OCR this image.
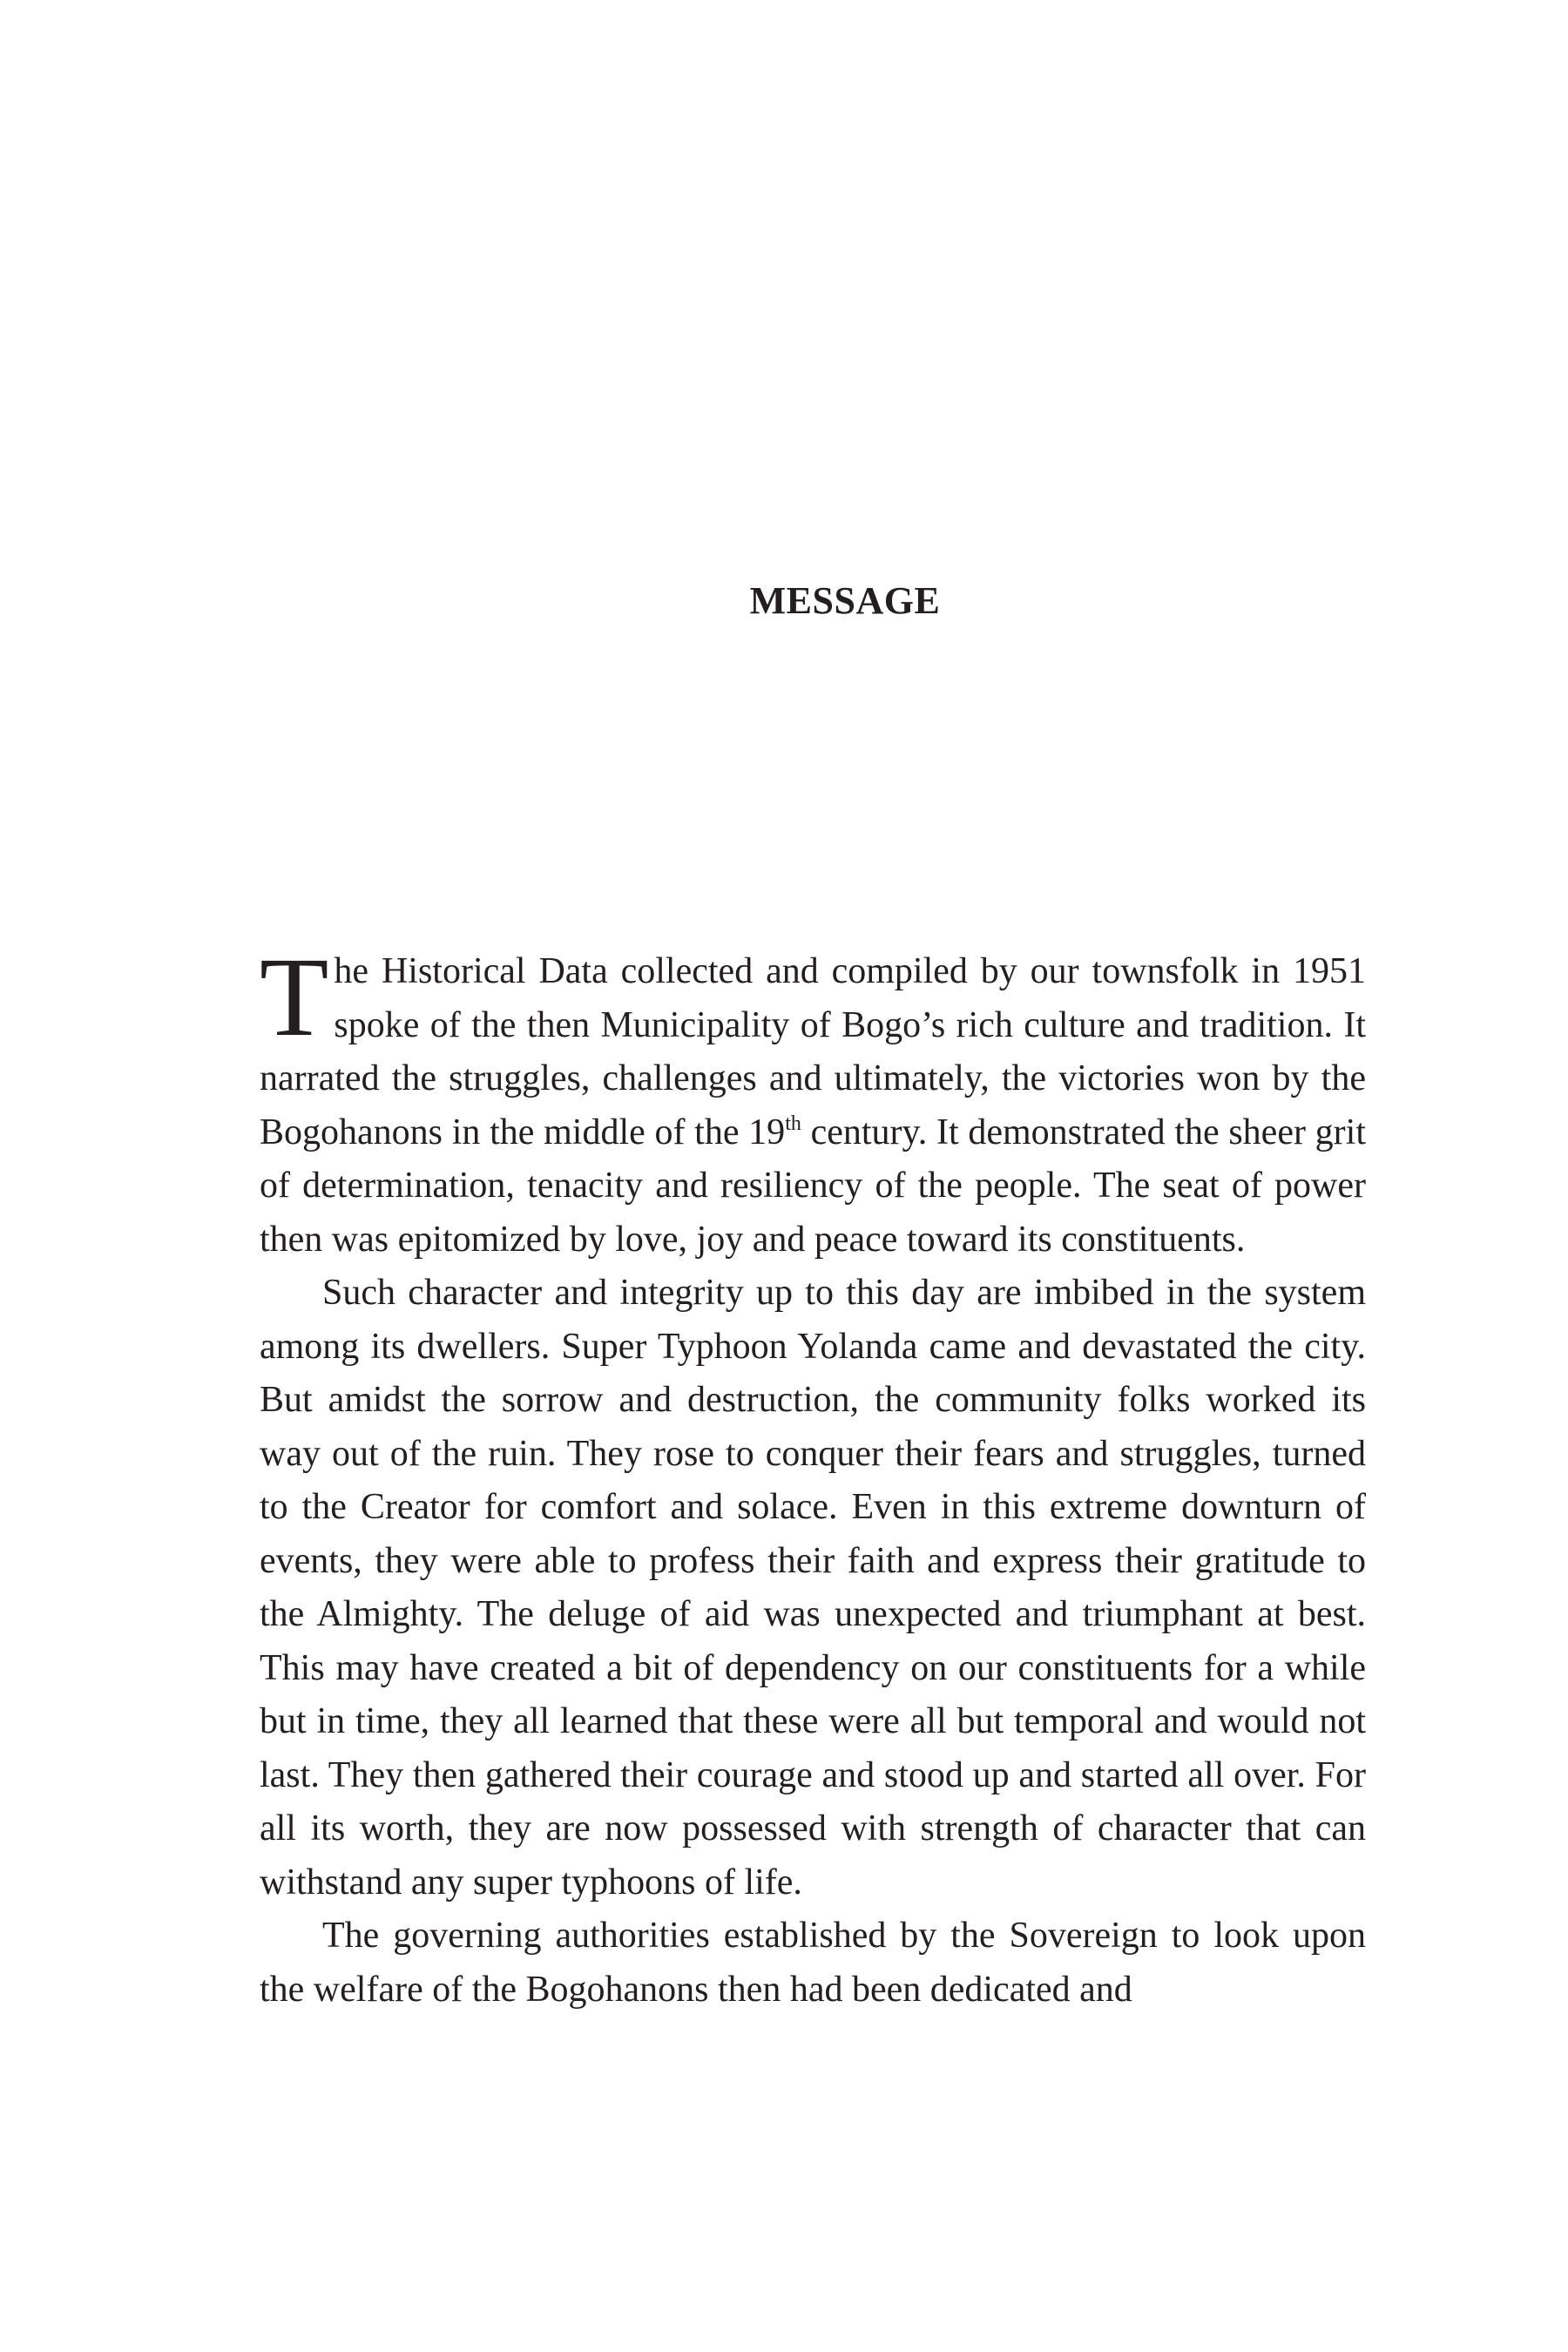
MESSAGE

The Historical Data collected and compiled by our townsfolk in 1951 spoke of the then Municipality of Bogo’s rich culture and tradition. It narrated the struggles, challenges and ultimately, the victories won by the Bogohanons in the middle of the 19th century. It demonstrated the sheer grit of determination, tenacity and resiliency of the people. The seat of power then was epitomized by love, joy and peace toward its constituents.

Such character and integrity up to this day are imbibed in the system among its dwellers. Super Typhoon Yolanda came and devastated the city. But amidst the sorrow and destruction, the community folks worked its way out of the ruin. They rose to conquer their fears and struggles, turned to the Creator for comfort and solace. Even in this extreme downturn of events, they were able to profess their faith and express their gratitude to the Almighty. The deluge of aid was unexpected and triumphant at best. This may have created a bit of dependency on our constituents for a while but in time, they all learned that these were all but temporal and would not last. They then gathered their courage and stood up and started all over. For all its worth, they are now possessed with strength of character that can withstand any super typhoons of life.

The governing authorities established by the Sovereign to look upon the welfare of the Bogohanons then had been dedicated and
